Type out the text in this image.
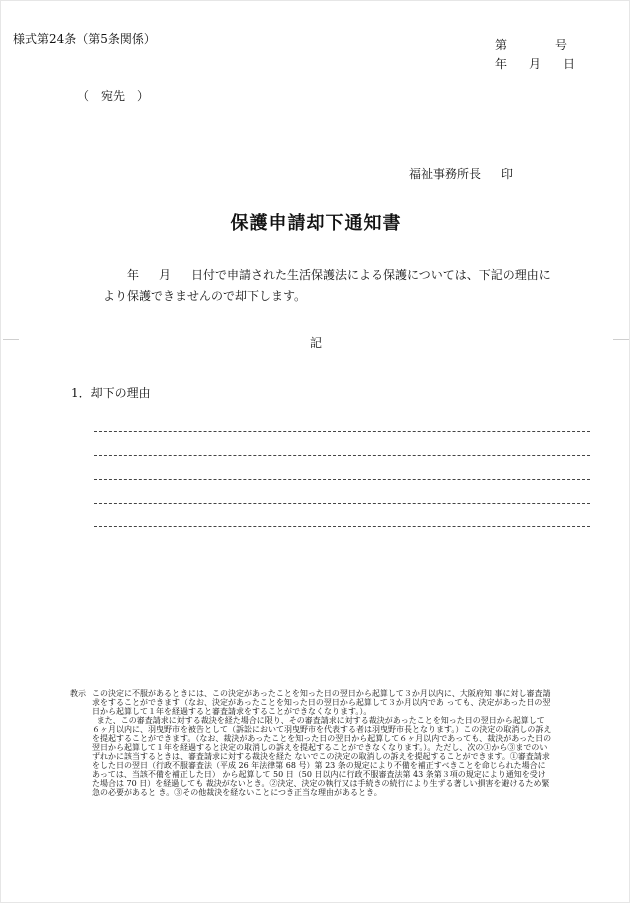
様式第24条（第5条関係）	第	号
年 月 日
（　宛先　）
福祉事務所長 印
保護申請却下通知書
年 月 日付で申請された生活保護法による保護については、下記の理由に
より保護できませんので却下します。
記
1．却下の理由
教示 この決定に不服があるときには、この決定があったことを知った日の翌日から起算して３か月以内に、大阪府知 事に対し審査請求をすることができます（なお、決定があったことを知った日の翌日から起算して３か月以内であ っても、決定があった日の翌日から起算して１年を経過すると審査請求をすることができなくなります。）。

また、この審査請求に対する裁決を経た場合に限り、その審査請求に対する裁決があったことを知った日の翌日から起算して６ヶ月以内に、羽曳野市を被告として（訴訟において羽曳野市を代表する者は羽曳野市長となります。）この決定の取消しの訴えを提起することができます。（なお、裁決があったことを知った日の翌日から起算して６ヶ月以内であっても、裁決があった日の翌日から起算して１年を経過すると決定の取消しの訴えを提起することができなくなります。）。ただし、次の①から③までのいずれかに該当するときは、審査請求に対する裁決を経た ないでこの決定の取消しの訴えを提起することができます。①審査請求をした日の翌日（行政不服審査法（平成 26 年法律第 68 号）第 23 条の規定により不備を補正すべきことを命じられた場合にあっては、当該不備を補正した日） から起算して 50 日（50 日以内に行政不服審査法第 43 条第３項の規定により通知を受けた場合は 70 日）を経過しても 裁決がないとき。②決定、決定の執行又は手続きの続行により生ずる著しい損害を避けるため緊急の必要があると き。③その他裁決を経ないことにつき正当な理由があるとき。
